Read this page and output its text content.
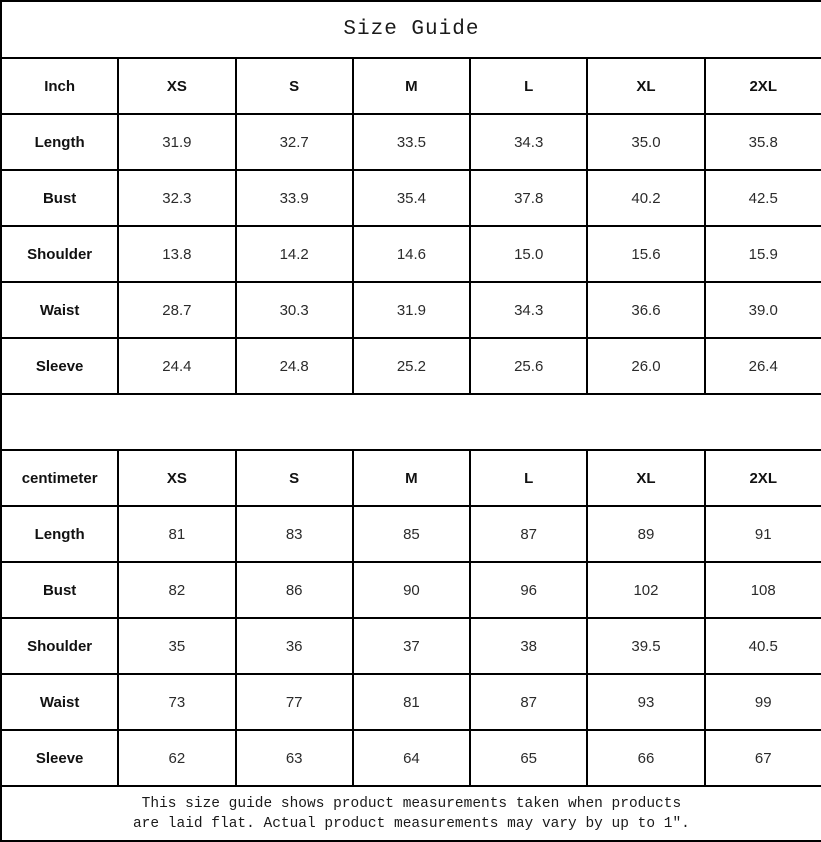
Size Guide						
Inch	XS	S	M	L	XL	2XL
Length	31.9	32.7	33.5	34.3	35.0	35.8
Bust	32.3	33.9	35.4	37.8	40.2	42.5
Shoulder	13.8	14.2	14.6	15.0	15.6	15.9
Waist	28.7	30.3	31.9	34.3	36.6	39.0
Sleeve	24.4	24.8	25.2	25.6	26.0	26.4

centimeter	XS	S	M	L	XL	2XL
Length	81	83	85	87	89	91
Bust	82	86	90	96	102	108
Shoulder	35	36	37	38	39.5	40.5
Waist	73	77	81	87	93	99
Sleeve	62	63	64	65	66	67

This size guide shows product measurements taken when products
are laid flat. Actual product measurements may vary by up to 1″.						
